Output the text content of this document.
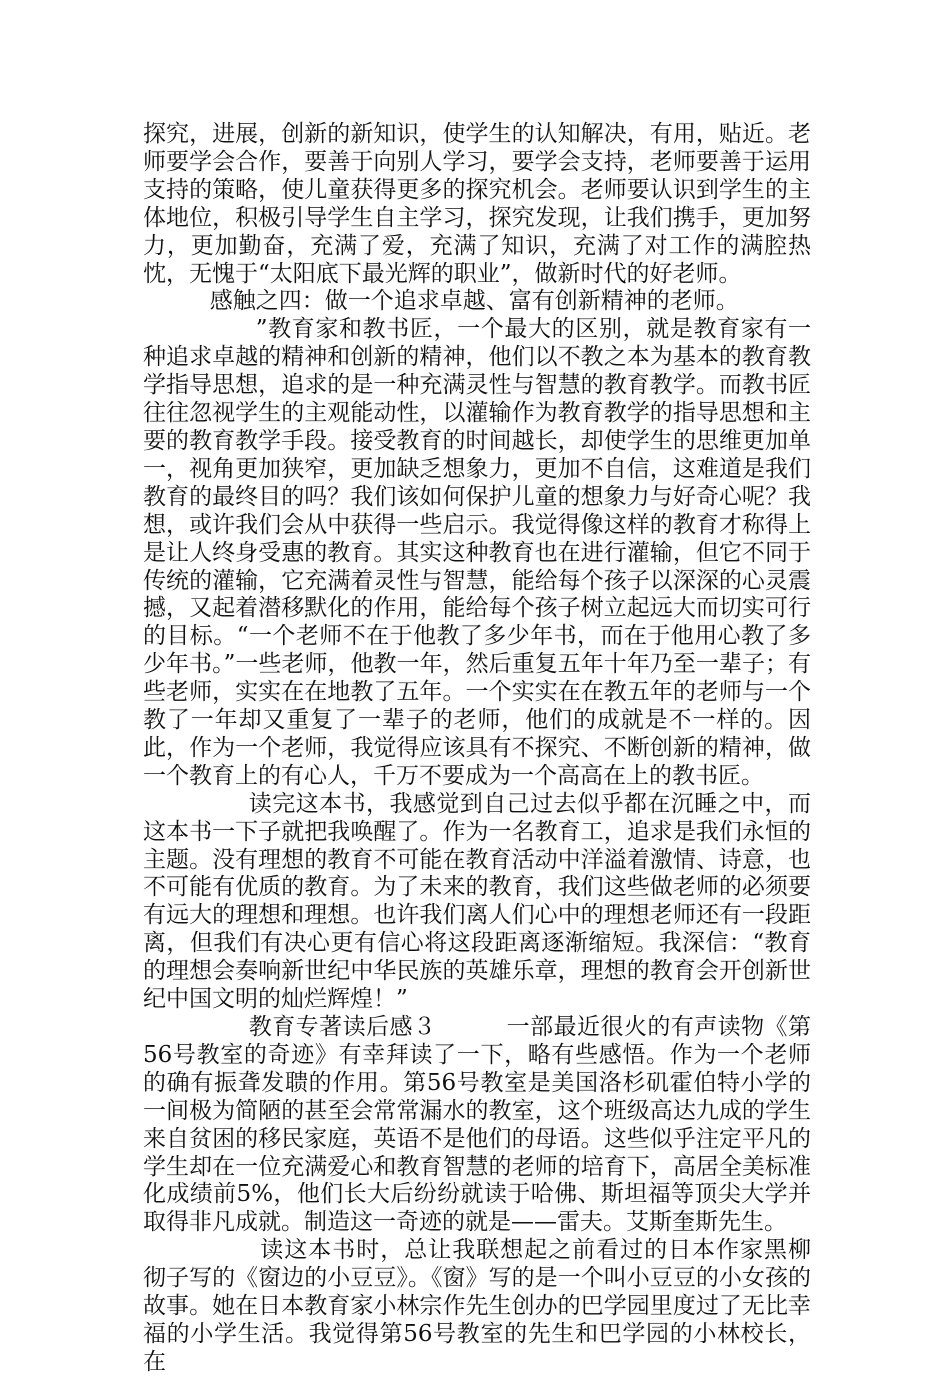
探究，进展，创新的新知识，使学生的认知解决，有用，贴近。老师要学会合作，要善于向别人学习，要学会支持，老师要善于运用支持的策略，使儿童获得更多的探究机会。老师要认识到学生的主体地位，积极引导学生自主学习，探究发现，让我们携手，更加努力，更加勤奋，充满了爱，充满了知识，充满了对工作的满腔热忱，无愧于“太阳底下最光辉的职业”，做新时代的好老师。

感触之四：做一个追求卓越、富有创新精神的老师。

”教育家和教书匠，一个最大的区别，就是教育家有一种追求卓越的精神和创新的精神，他们以不教之本为基本的教育教学指导思想，追求的是一种充满灵性与智慧的教育教学。而教书匠往往忽视学生的主观能动性，以灌输作为教育教学的指导思想和主要的教育教学手段。接受教育的时间越长，却使学生的思维更加单一，视角更加狭窄，更加缺乏想象力，更加不自信，这难道是我们教育的最终目的吗？我们该如何保护儿童的想象力与好奇心呢？我想，或许我们会从中获得一些启示。我觉得像这样的教育才称得上是让人终身受惠的教育。其实这种教育也在进行灌输，但它不同于传统的灌输，它充满着灵性与智慧，能给每个孩子以深深的心灵震撼，又起着潜移默化的作用，能给每个孩子树立起远大而切实可行的目标。“一个老师不在于他教了多少年书，而在于他用心教了多少年书。”一些老师，他教一年，然后重复五年十年乃至一辈子；有些老师，实实在在地教了五年。一个实实在在教五年的老师与一个教了一年却又重复了一辈子的老师，他们的成就是不一样的。因此，作为一个老师，我觉得应该具有不探究、不断创新的精神，做一个教育上的有心人，千万不要成为一个高高在上的教书匠。

读完这本书，我感觉到自己过去似乎都在沉睡之中，而这本书一下子就把我唤醒了。作为一名教育工，追求是我们永恒的主题。没有理想的教育不可能在教育活动中洋溢着激情、诗意，也不可能有优质的教育。为了未来的教育，我们这些做老师的必须要有远大的理想和理想。也许我们离人们心中的理想老师还有一段距离，但我们有决心更有信心将这段距离逐渐缩短。我深信：“教育的理想会奏响新世纪中华民族的英雄乐章，理想的教育会开创新世纪中国文明的灿烂辉煌！”

教育专著读后感３　　　一部最近很火的有声读物《第56号教室的奇迹》有幸拜读了一下，略有些感悟。作为一个老师的确有振聋发聩的作用。第56号教室是美国洛杉矶霍伯特小学的一间极为简陋的甚至会常常漏水的教室，这个班级高达九成的学生来自贫困的移民家庭，英语不是他们的母语。这些似乎注定平凡的学生却在一位充满爱心和教育智慧的老师的培育下，高居全美标准化成绩前5%，他们长大后纷纷就读于哈佛、斯坦福等顶尖大学并取得非凡成就。制造这一奇迹的就是——雷夫。艾斯奎斯先生。

读这本书时，总让我联想起之前看过的日本作家黑柳彻子写的《窗边的小豆豆》。《窗》写的是一个叫小豆豆的小女孩的故事。她在日本教育家小林宗作先生创办的巴学园里度过了无比幸福的小学生活。我觉得第56号教室的先生和巴学园的小林校长，在
